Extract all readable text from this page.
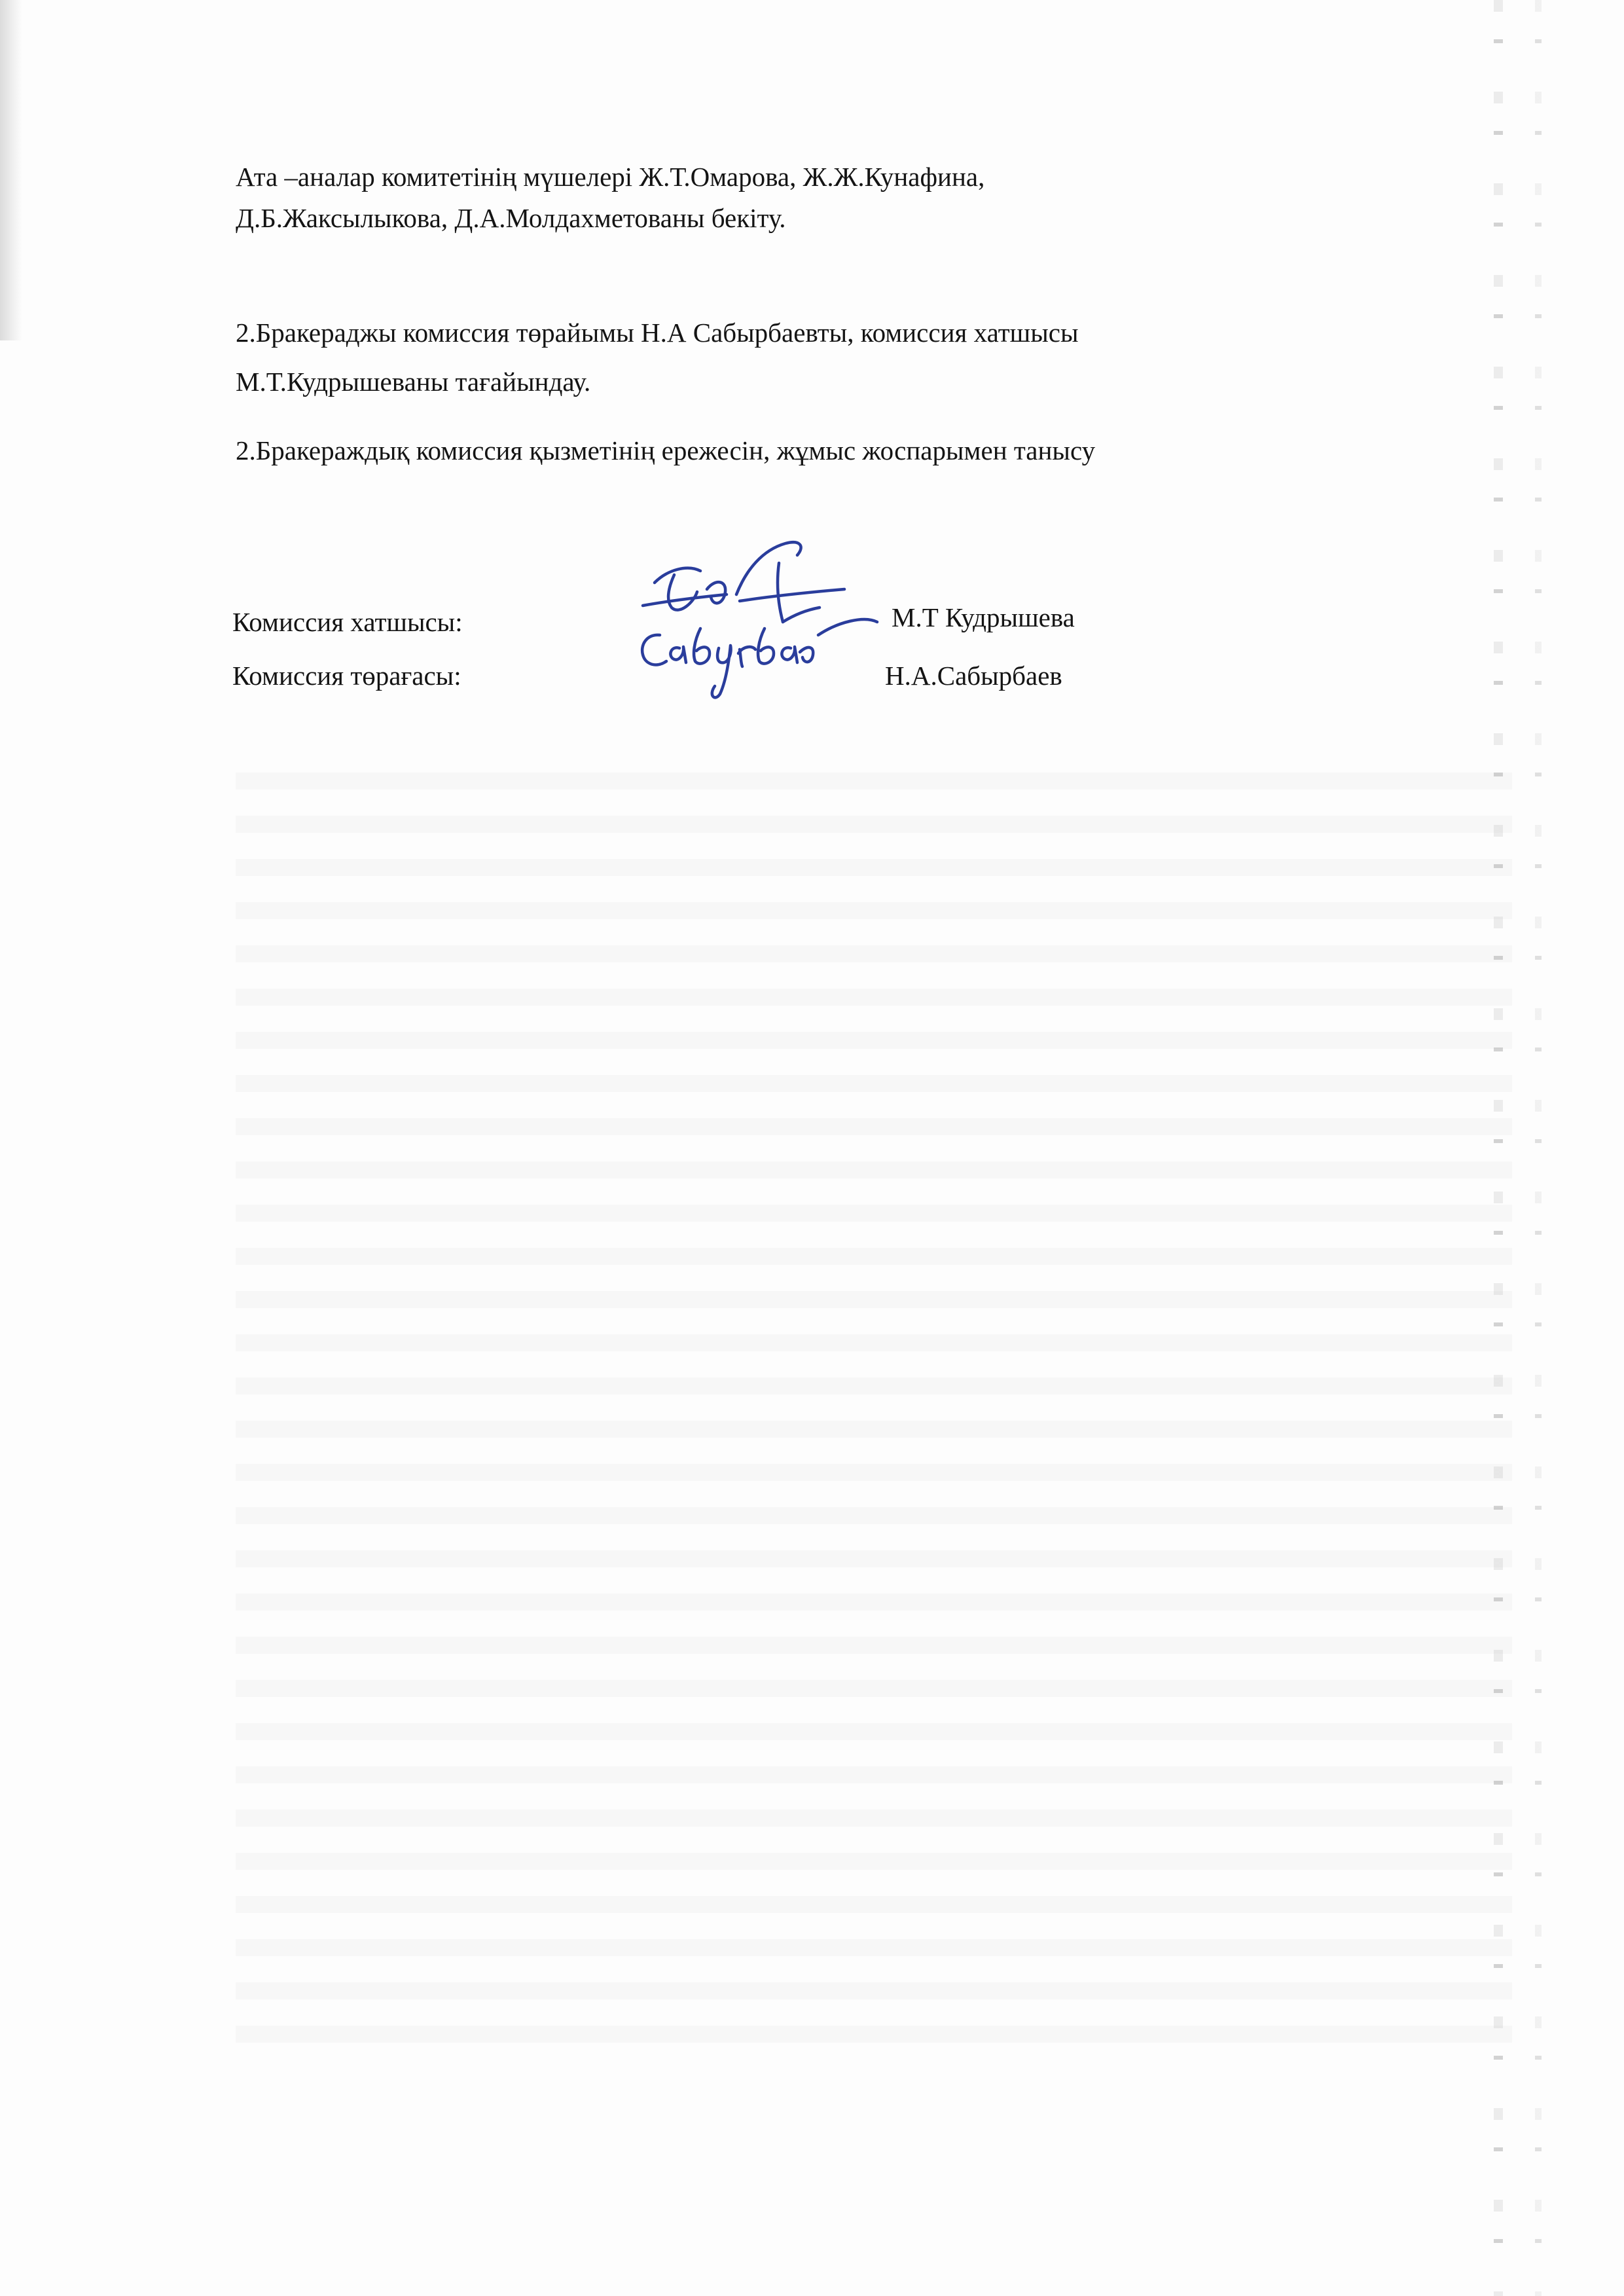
Ата –аналар комитетінің мүшелері Ж.Т.Омарова, Ж.Ж.Кунафина,
Д.Б.Жаксылыкова, Д.А.Молдахметованы бекіту.
2.Бракераджы комиссия төрайымы Н.А Сабырбаевты, комиссия хатшысы
М.Т.Кудрышеваны тағайындау.
2.Бракераждық комиссия қызметінің ережесін, жұмыс жоспарымен танысу
Комиссия хатшысы:	М.Т Кудрышева
Комиссия төрағасы:	Н.А.Сабырбаев
